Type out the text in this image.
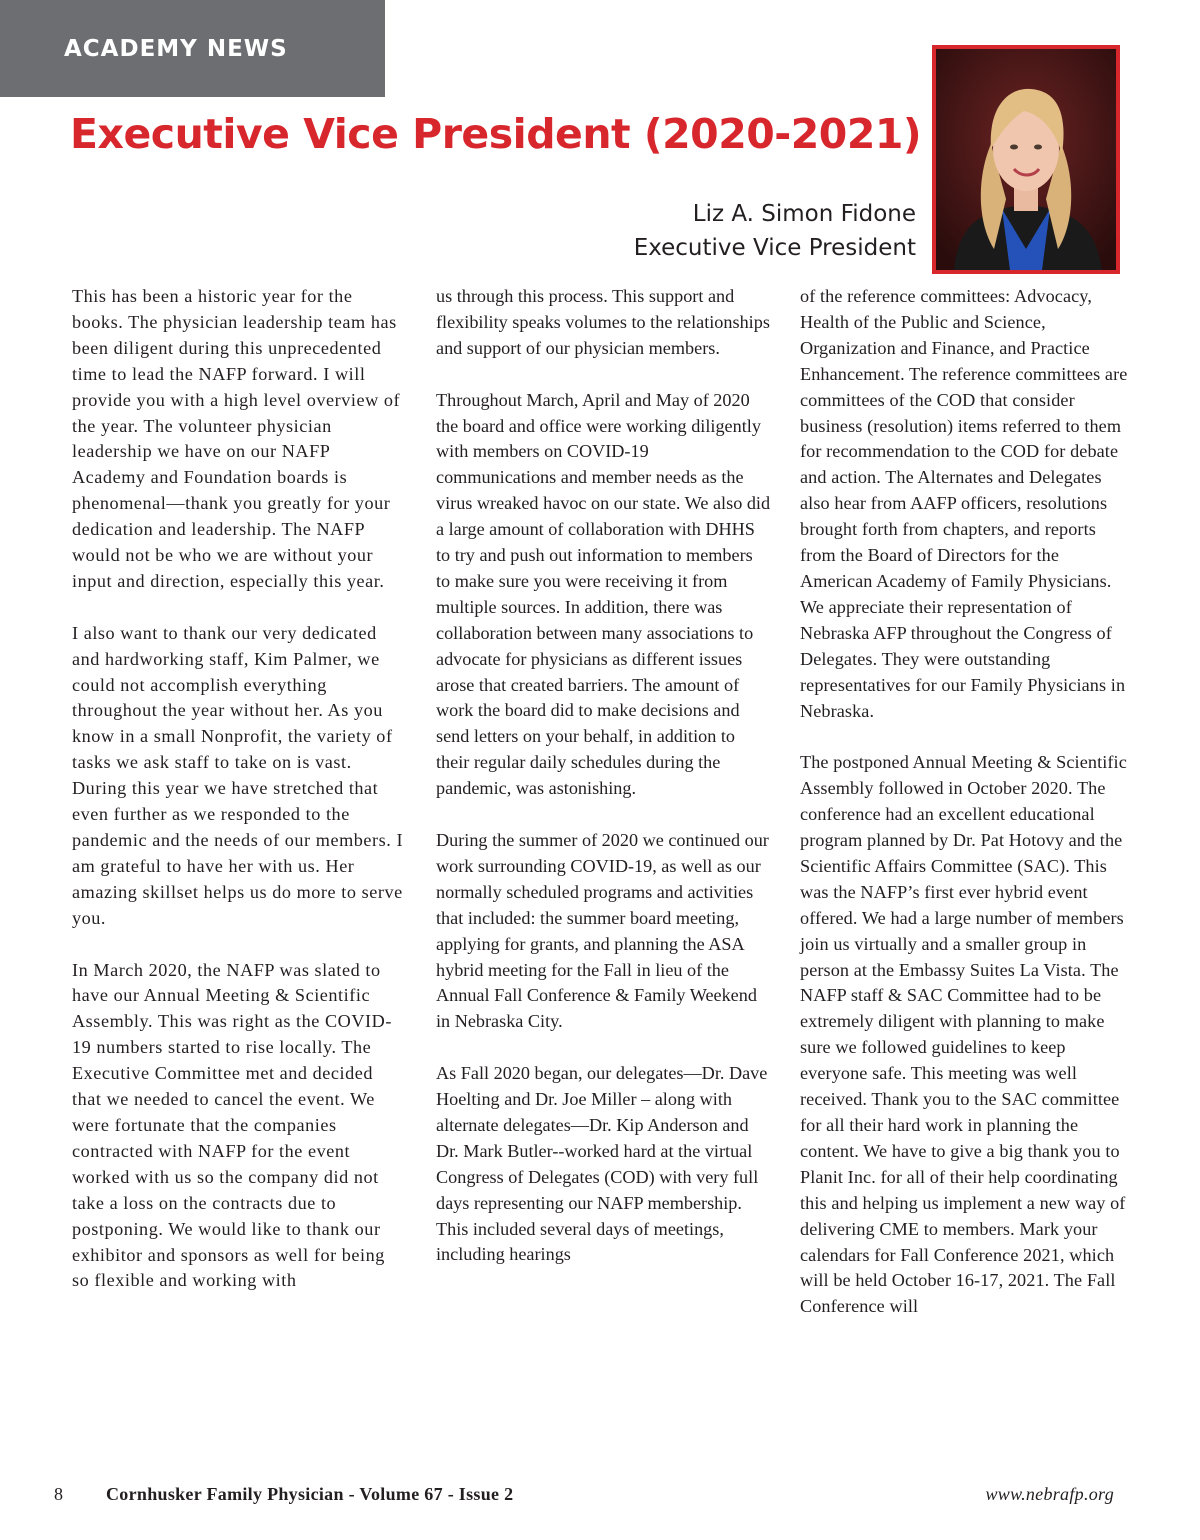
ACADEMY NEWS
Executive Vice President (2020-2021)
Liz A. Simon Fidone
Executive Vice President

This has been a historic year for the books. The physician leadership team has been diligent during this unprecedented time to lead the NAFP forward. I will provide you with a high level overview of the year. The volunteer physician leadership we have on our NAFP Academy and Foundation boards is phenomenal—thank you greatly for your dedication and leadership. The NAFP would not be who we are without your input and direction, especially this year.

I also want to thank our very dedicated and hardworking staff, Kim Palmer, we could not accomplish everything throughout the year without her. As you know in a small Nonprofit, the variety of tasks we ask staff to take on is vast. During this year we have stretched that even further as we responded to the pandemic and the needs of our members. I am grateful to have her with us. Her amazing skillset helps us do more to serve you.

In March 2020, the NAFP was slated to have our Annual Meeting & Scientific Assembly. This was right as the COVID-19 numbers started to rise locally. The Executive Committee met and decided that we needed to cancel the event. We were fortunate that the companies contracted with NAFP for the event worked with us so the company did not take a loss on the contracts due to postponing. We would like to thank our exhibitor and sponsors as well for being so flexible and working with

us through this process. This support and flexibility speaks volumes to the relationships and support of our physician members.

Throughout March, April and May of 2020 the board and office were working diligently with members on COVID-19 communications and member needs as the virus wreaked havoc on our state. We also did a large amount of collaboration with DHHS to try and push out information to members to make sure you were receiving it from multiple sources. In addition, there was collaboration between many associations to advocate for physicians as different issues arose that created barriers. The amount of work the board did to make decisions and send letters on your behalf, in addition to their regular daily schedules during the pandemic, was astonishing.

During the summer of 2020 we continued our work surrounding COVID-19, as well as our normally scheduled programs and activities that included: the summer board meeting, applying for grants, and planning the ASA hybrid meeting for the Fall in lieu of the Annual Fall Conference & Family Weekend in Nebraska City.

As Fall 2020 began, our delegates—Dr. Dave Hoelting and Dr. Joe Miller – along with alternate delegates—Dr. Kip Anderson and Dr. Mark Butler--worked hard at the virtual Congress of Delegates (COD) with very full days representing our NAFP membership. This included several days of meetings, including hearings

of the reference committees: Advocacy, Health of the Public and Science, Organization and Finance, and Practice Enhancement. The reference committees are committees of the COD that consider business (resolution) items referred to them for recommendation to the COD for debate and action. The Alternates and Delegates also hear from AAFP officers, resolutions brought forth from chapters, and reports from the Board of Directors for the American Academy of Family Physicians. We appreciate their representation of Nebraska AFP throughout the Congress of Delegates. They were outstanding representatives for our Family Physicians in Nebraska.

The postponed Annual Meeting & Scientific Assembly followed in October 2020. The conference had an excellent educational program planned by Dr. Pat Hotovy and the Scientific Affairs Committee (SAC). This was the NAFP’s first ever hybrid event offered. We had a large number of members join us virtually and a smaller group in person at the Embassy Suites La Vista. The NAFP staff & SAC Committee had to be extremely diligent with planning to make sure we followed guidelines to keep everyone safe. This meeting was well received. Thank you to the SAC committee for all their hard work in planning the content. We have to give a big thank you to Planit Inc. for all of their help coordinating this and helping us implement a new way of delivering CME to members. Mark your calendars for Fall Conference 2021, which will be held October 16-17, 2021. The Fall Conference will

8 Cornhusker Family Physician - Volume 67 - Issue 2	www.nebrafp.org
